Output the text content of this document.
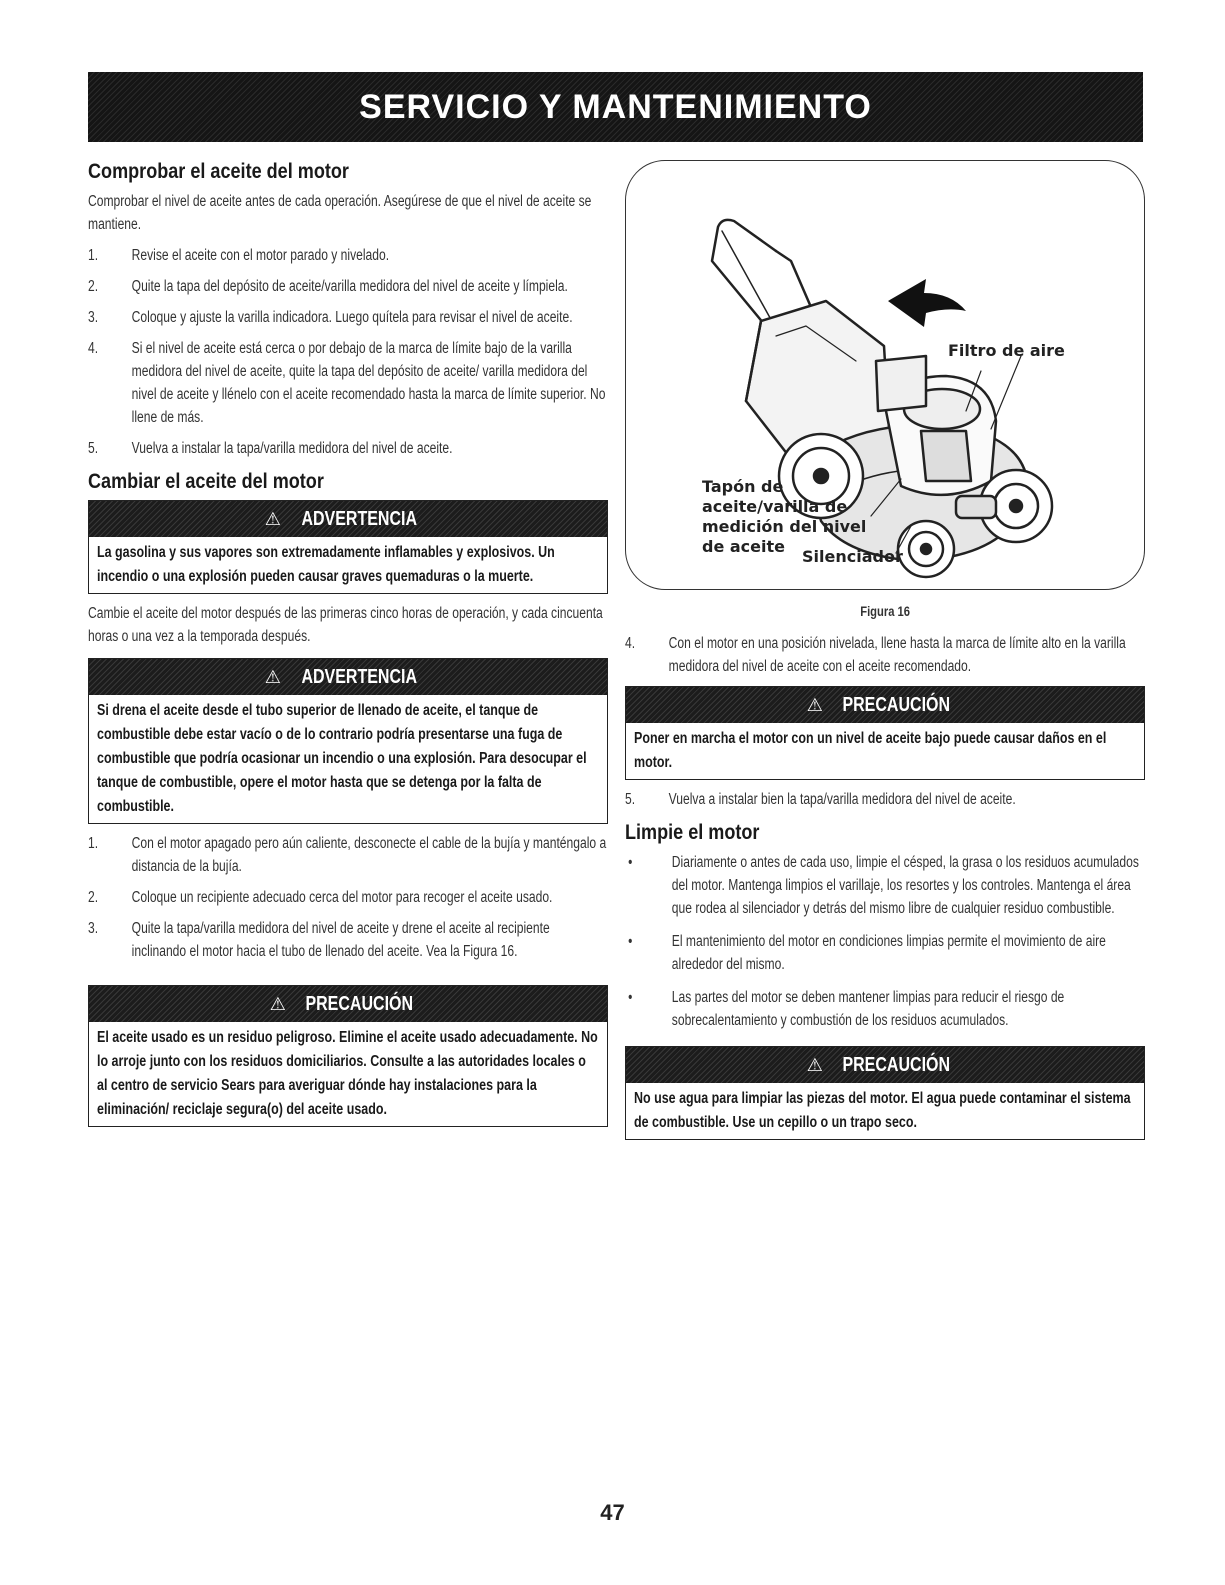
SERVICIO Y MANTENIMIENTO
Comprobar el aceite del motor

Comprobar el nivel de aceite antes de cada operación. Asegúrese de que el nivel de aceite se mantiene.

1.	Revise el aceite con el motor parado y nivelado.
2.	Quite la tapa del depósito de aceite/varilla medidora del nivel de aceite y límpiela.
3.	Coloque y ajuste la varilla indicadora. Luego quítela para revisar el nivel de aceite.
4.	Si el nivel de aceite está cerca o por debajo de la marca de límite bajo de la varilla medidora del nivel de aceite, quite la tapa del depósito de aceite/ varilla medidora del nivel de aceite y llénelo con el aceite recomendado hasta la marca de límite superior. No llene de más.
5.	Vuelva a instalar la tapa/varilla medidora del nivel de aceite.
Cambiar el aceite del motor
⚠ ADVERTENCIA

La gasolina y sus vapores son extremadamente inflamables y explosivos. Un incendio o una explosión pueden causar graves quemaduras o la muerte.

Cambie el aceite del motor después de las primeras cinco horas de operación, y cada cincuenta horas o una vez a la temporada después.

⚠ ADVERTENCIA

Si drena el aceite desde el tubo superior de llenado de aceite, el tanque de combustible debe estar vacío o de lo contrario podría presentarse una fuga de combustible que podría ocasionar un incendio o una explosión. Para desocupar el tanque de combustible, opere el motor hasta que se detenga por la falta de combustible.

1.	Con el motor apagado pero aún caliente, desconecte el cable de la bujía y manténgalo a distancia de la bujía.
2.	Coloque un recipiente adecuado cerca del motor para recoger el aceite usado.
3.	Quite la tapa/varilla medidora del nivel de aceite y drene el aceite al recipiente inclinando el motor hacia el tubo de llenado del aceite. Vea la Figura 16.
⚠ PRECAUCIÓN

El aceite usado es un residuo peligroso. Elimine el aceite usado adecuadamente. No lo arroje junto con los residuos domiciliarios. Consulte a las autoridades locales o al centro de servicio Sears para averiguar dónde hay instalaciones para la eliminación/ reciclaje segura(o) del aceite usado.

Filtro de aire
Tapón de
aceite/varilla de
medición del nivel
de aceite
Silenciador
Figura 16
4.	Con el motor en una posición nivelada, llene hasta la marca de límite alto en la varilla medidora del nivel de aceite con el aceite recomendado.
⚠ PRECAUCIÓN

Poner en marcha el motor con un nivel de aceite bajo puede causar daños en el motor.

5.	Vuelva a instalar bien la tapa/varilla medidora del nivel de aceite.
Limpie el motor
•	Diariamente o antes de cada uso, limpie el césped, la grasa o los residuos acumulados del motor. Mantenga limpios el varillaje, los resortes y los controles. Mantenga el área que rodea al silenciador y detrás del mismo libre de cualquier residuo combustible.
•	El mantenimiento del motor en condiciones limpias permite el movimiento de aire alrededor del mismo.
•	Las partes del motor se deben mantener limpias para reducir el riesgo de sobrecalentamiento y combustión de los residuos acumulados.
⚠ PRECAUCIÓN

No use agua para limpiar las piezas del motor. El agua puede contaminar el sistema de combustible. Use un cepillo o un trapo seco.

47
